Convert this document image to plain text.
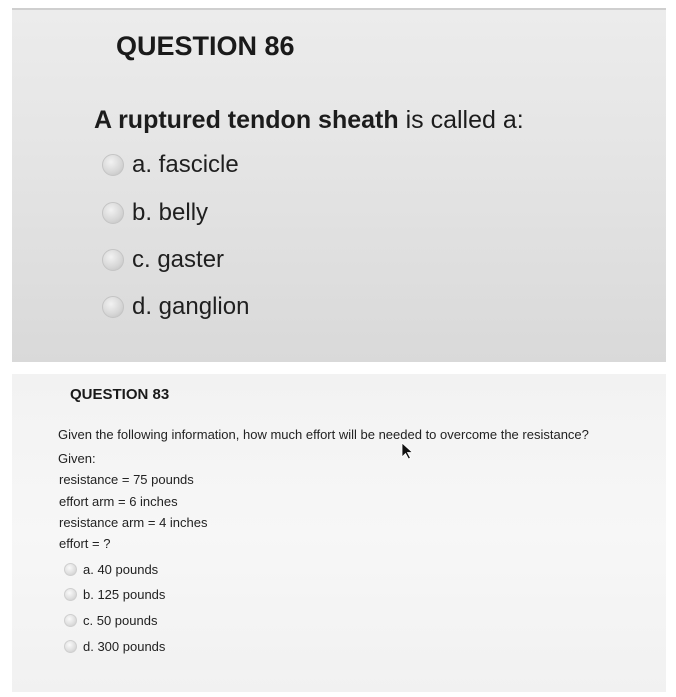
QUESTION 86
A ruptured tendon sheath is called a:
a. fascicle
b. belly
c. gaster
d. ganglion
QUESTION 83
Given the following information, how much effort will be needed to overcome the resistance?
Given:
resistance = 75 pounds
effort arm = 6 inches
resistance arm = 4 inches
effort = ?
a. 40 pounds
b. 125 pounds
c. 50 pounds
d. 300 pounds
